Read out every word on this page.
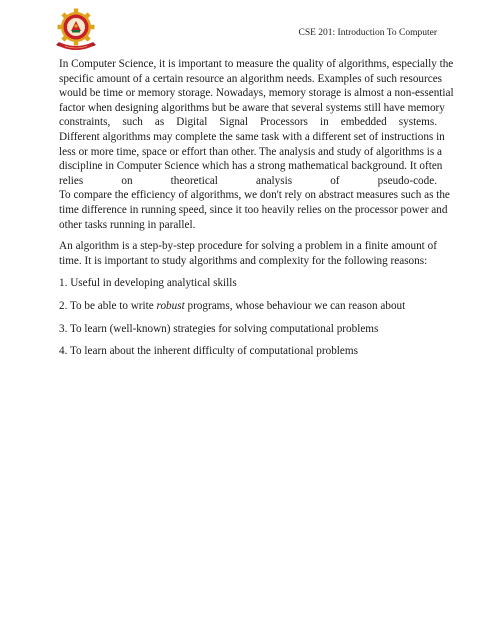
CSE 201: Introduction To Computer
In Computer Science, it is important to measure the quality of algorithms, especially the
specific amount of a certain resource an algorithm needs. Examples of such resources
would be time or memory storage. Nowadays, memory storage is almost a non-essential
factor when designing algorithms but be aware that several systems still have memory
constraints, such as Digital Signal Processors in embedded systems.
Different algorithms may complete the same task with a different set of instructions in
less or more time, space or effort than other. The analysis and study of algorithms is a
discipline in Computer Science which has a strong mathematical background. It often
relies on theoretical analysis of pseudo-code.
To compare the efficiency of algorithms, we don't rely on abstract measures such as the
time difference in running speed, since it too heavily relies on the processor power and
other tasks running in parallel.

An algorithm is a step-by-step procedure for solving a problem in a finite amount of time. It is important to study algorithms and complexity for the following reasons:

1. Useful in developing analytical skills
2. To be able to write robust programs, whose behaviour we can reason about
3. To learn (well-known) strategies for solving computational problems
4. To learn about the inherent difficulty of computational problems
